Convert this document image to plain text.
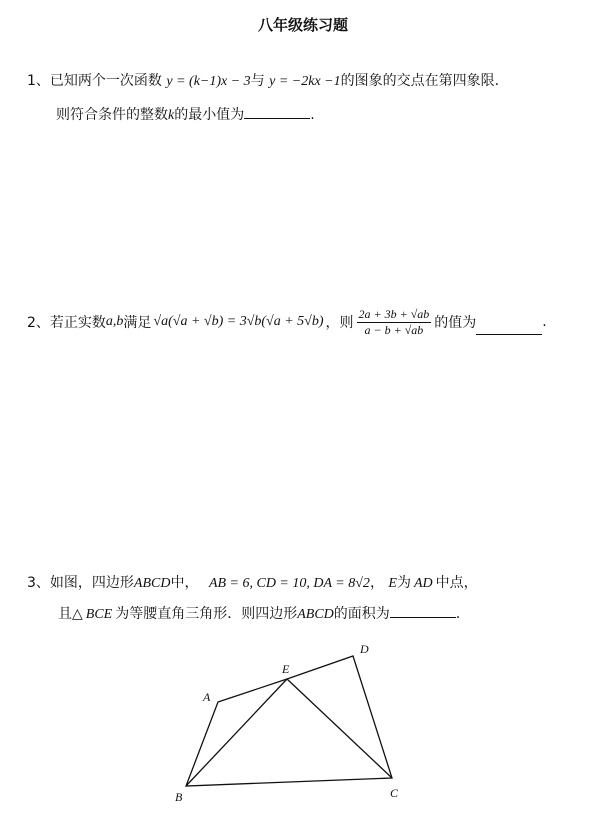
八年级练习题
1、已知两个一次函数 y = (k−1)x − 3与 y = −2kx −1的图象的交点在第四象限.
则符合条件的整数k的最小值为	.
2、 若正实数 a,b 满足 √a(√a + √b) = 3√b(√a + 5√b) ，则 $\frac{2a + 3b + √ab}{a - b + √ab}$ 的值为	.
3、如图，四边形ABCD中， AB = 6, CD = 10, DA = 8√2， E为 AD 中点，
且△ BCE 为等腰直角三角形．则四边形ABCD的面积为	.
A
B	C
D
E
